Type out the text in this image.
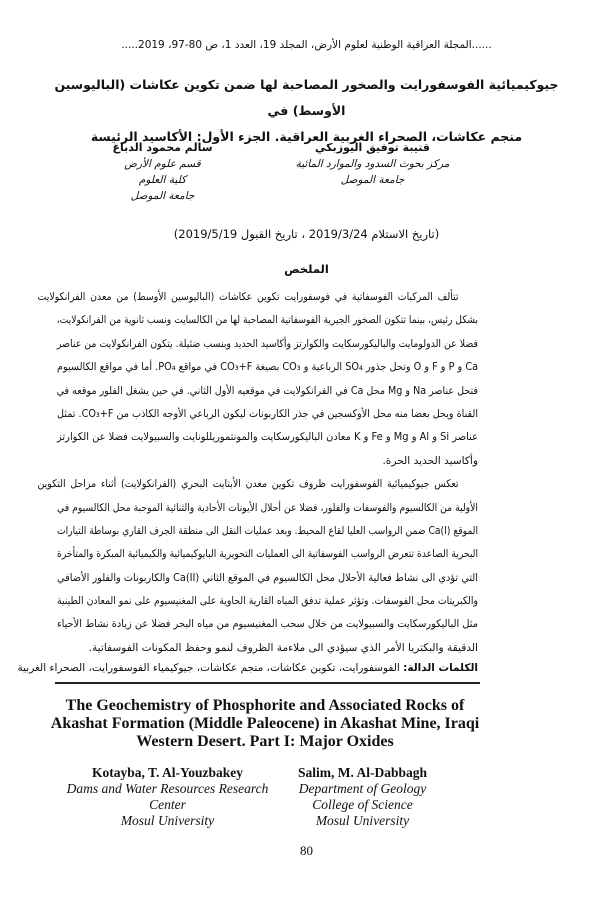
......المجلة العراقية الوطنية لعلوم الأرض، المجلد 19، العدد 1، ص 80-97، 2019.....
جيوكيميائية الفوسفورايت والصخور المصاحبة لها ضمن تكوين عكاشات (الباليوسين الأوسط) في
منجم عكاشات، الصحراء الغربية العراقية. الجزء الأول: الأكاسيد الرئيسة
قتيبة توفيق اليوزبكي
مركز بحوث السدود والموارد المائية
جامعة الموصل
سالم محمود الدباغ
قسم علوم الأرض
كلية العلوم
جامعة الموصل
(تاريخ الاستلام 2019/3/24 ، تاريخ القبول 2019/5/19)
الملخص
تتألف المركبات الفوسفاتية في فوسفورايت تكوين عكاشات (الباليوسين الأوسط) من معدن الفرانكولايت
بشكل رئيس، بينما تتكون الصخور الجيرية الفوسفاتية المصاحبة لها من الكالسايت ونسب ثانوية من الفرانكولايت،
فضلا عن الدولومايت والباليكورسكايت والكوارتز وأكاسيد الحديد وبنسب ضئيلة. يتكون الفرانكولايت من عناصر
Ca و P و F و O وتحل جذور SO₄ الرباعية و CO₃ بصيغة CO₃+F في مواقع PO₄. أما في مواقع الكالسيوم
فتحل عناصر Na و Mg محل Ca في الفرانكولايت في موقعيه الأول الثاني. في حين يشغل الفلور موقعه في
القناة ويحل بعضا منه محل الأوكسجين في جذر الكاربونات ليكون الرباعي الأوجه الكاذب من CO₃+F. تمثل
عناصر Si و Al و Mg و Fe و K معادن الباليكورسكايت والمونتموريللونايت والسبيولايت فضلا عن الكوارتز
وأكاسيد الحديد الحرة.
تعكس جيوكيميائية الفوسفورايت ظروف تكوين معدن الأبتايت البحري (الفرانكولايت) أثناء مراحل التكوين
الأولية من الكالسيوم والفوسفات والفلور، فضلا عن أحلال الأيونات الأحادية والثنائية الموجبة محل الكالسيوم في
الموقع Ca(I) ضمن الرواسب العليا لقاع المحيط. وبعد عمليات النقل الى منطقة الجرف القاري بوساطة التيارات
البحرية الصاعدة تتعرض الرواسب الفوسفاتية الى العمليات التحويرية البايوكيميائية والكيميائية المبكرة والمتأخرة
التي تؤدي الى نشاط فعالية الأحلال محل الكالسيوم في الموقع الثاني Ca(II) والكاربونات والفلور الأضافي
والكبريتات محل الفوسفات. وتؤثر عملية تدفق المياه القارية الحاوية على المغنيسيوم على نمو المعادن الطينية
مثل الباليكورسكايت والسبيولايت من خلال سحب المغنيسيوم من مياه البحر فضلا عن زيادة نشاط الأحياء
الدقيقة والبكتريا الأمر الذي سيؤدي الى ملاءمة الظروف لنمو وحفظ المكونات الفوسفاتية.
الكلمات الدالة: الفوسفورايت، تكوين عكاشات، منجم عكاشات، جيوكيمياء الفوسفورايت، الصحراء الغربية
The Geochemistry of Phosphorite and Associated Rocks of Akashat Formation (Middle Paleocene) in Akashat Mine, Iraqi Western Desert. Part I: Major Oxides
Kotayba, T. Al-Youzbakey
Dams and Water Resources Research
Center
Mosul University
Salim, M. Al-Dabbagh
Department of Geology
College of Science
Mosul University
80
